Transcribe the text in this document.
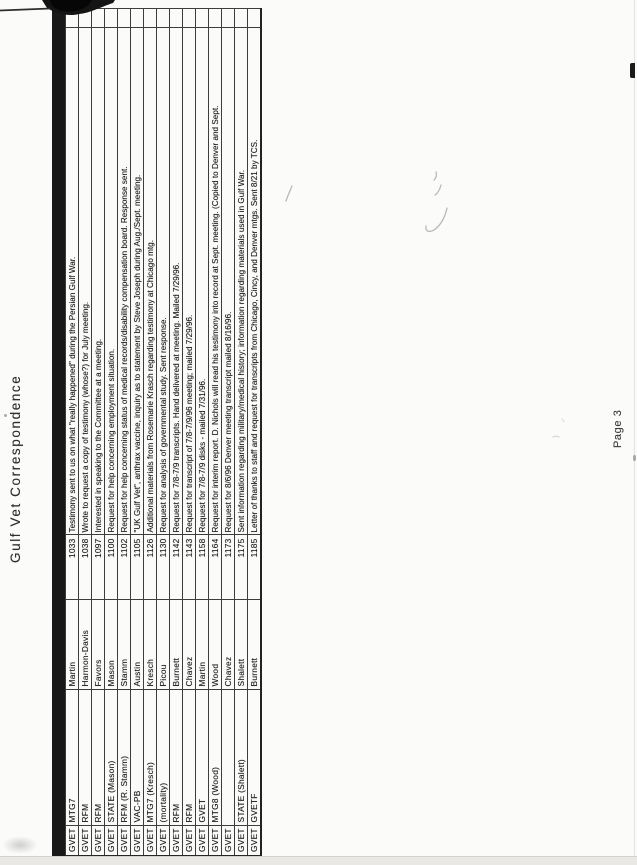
Gulf Vet Correspondence
GVET	MTG7	Martin	1033	Testimony sent to us on what "really happened" during the Persian Gulf War.	
GVET	RFM	Harmon-Davis	1038	Wrote to request a copy of testimony (whose?) for July meeting.	
GVET	RFM	Favors	1097	Interested in speaking to the Committee at a meeting.	
GVET	STATE (Mason)	Mason	1100	Request for help concerning employment situation.	
GVET	RFM (R. Stamm)	Stamm	1102	Request for help concerning status of medical records/disability compensation board. Response sent.	
GVET	VAC-PB	Austin	1105	"UK Gulf Vet", anthrax vaccine, inquiry as to statement by Steve Joseph during Aug./Sept. meeting.	
GVET	MTG7 (Kresch)	Kresch	1126	Additional materials from Rosemarie Krasch regarding testimony at Chicago mtg.	
GVET	(mortality)	Picou	1130	Request for analysis of governmental study. Sent response.	
GVET	RFM	Burnett	1142	Request for 7/8-7/9 transcripts. Hand delivered at meeting. Mailed 7/29/96.	
GVET	RFM	Chavez	1143	Request for transcript of 7/8-7/9/96 meeting; mailed 7/29/96.	
GVET	GVET	Martin	1158	Request for 7/8-7/9 disks - mailed 7/31/96.	
GVET	MTG8 (Wood)	Wood	1164	Request for interim report. D. Nichols will read his testimony into record at Sept. meeting. (Copied to Denver and Sept.	
GVET		Chavez	1173	Request for 8/6/96 Denver meeting transcript mailed 8/16/96.	
GVET	STATE (Shalett)	Shalett	1175	Sent information regarding military/medical history; information regarding materials used in Gulf War.	
GVET	GVETF	Burnett	1185	Letter of thanks to staff and request for transcripts from Chicago, Cincy, and Denver mtgs. Sent 8/21 by TCS.		Page 3
